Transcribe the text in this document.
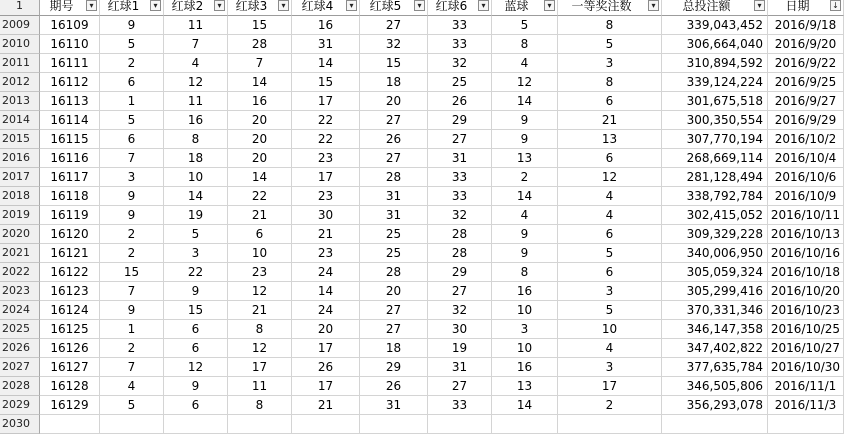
1	期号	▾	红球1	▾	红球2	▾	红球3	▾	红球4	▾	红球5	▾	红球6	▾	蓝球	▾	一等奖注数	▾	总投注额	▾	日期	↓
2009	16109	9	11	15	16	27	33	5	8	339,043,452 2016/9/18
2010	16110	5	7	28	31	32	33	8	5	306,664,040 2016/9/20
2011	16111	2	4	7	14	15	32	4	3	310,894,592 2016/9/22
2012	16112	6	12	14	15	18	25	12	8	339,124,224 2016/9/25
2013	16113	1	11	16	17	20	26	14	6	301,675,518 2016/9/27
2014	16114	5	16	20	22	27	29	9	21	300,350,554 2016/9/29
2015	16115	6	8	20	22	26	27	9	13	307,770,194 2016/10/2
2016	16116	7	18	20	23	27	31	13	6	268,669,114 2016/10/4
2017	16117	3	10	14	17	28	33	2	12	281,128,494 2016/10/6
2018	16118	9	14	22	23	31	33	14	4	338,792,784 2016/10/9
2019	16119	9	19	21	30	31	32	4	4	302,415,052 2016/10/11
2020	16120	2	5	6	21	25	28	9	6	309,329,228 2016/10/13
2021	16121	2	3	10	23	25	28	9	5	340,006,950 2016/10/16
2022	16122	15	22	23	24	28	29	8	6	305,059,324 2016/10/18
2023	16123	7	9	12	14	20	27	16	3	305,299,416 2016/10/20
2024	16124	9	15	21	24	27	32	10	5	370,331,346 2016/10/23
2025	16125	1	6	8	20	27	30	3	10	346,147,358 2016/10/25
2026	16126	2	6	12	17	18	19	10	4	347,402,822 2016/10/27
2027	16127	7	12	17	26	29	31	16	3	377,635,784 2016/10/30
2028	16128	4	9	11	17	26	27	13	17	346,505,806 2016/11/1
2029	16129	5	6	8	21	31	33	14	2	356,293,078 2016/11/3
2030
